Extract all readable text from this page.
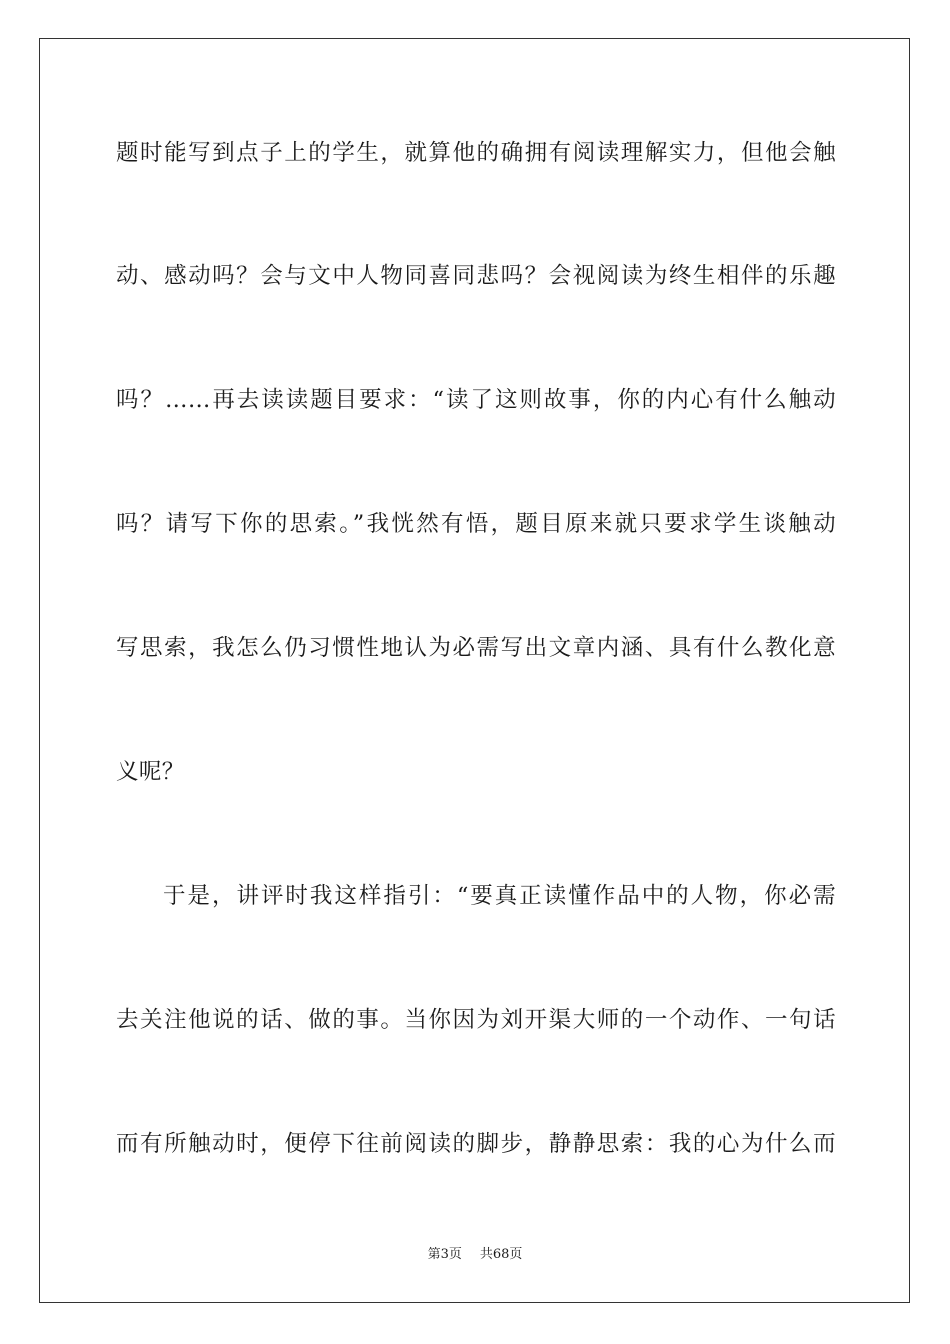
题时能写到点子上的学生，就算他的确拥有阅读理解实力，但他会触
动、感动吗？会与文中人物同喜同悲吗？会视阅读为终生相伴的乐趣
吗？……再去读读题目要求：“读了这则故事，你的内心有什么触动
吗？请写下你的思索。”我恍然有悟，题目原来就只要求学生谈触动
写思索，我怎么仍习惯性地认为必需写出文章内涵、具有什么教化意
义呢？
于是，讲评时我这样指引：“要真正读懂作品中的人物，你必需
去关注他说的话、做的事。当你因为刘开渠大师的一个动作、一句话
而有所触动时，便停下往前阅读的脚步，静静思索：我的心为什么而
第3页 共68页
